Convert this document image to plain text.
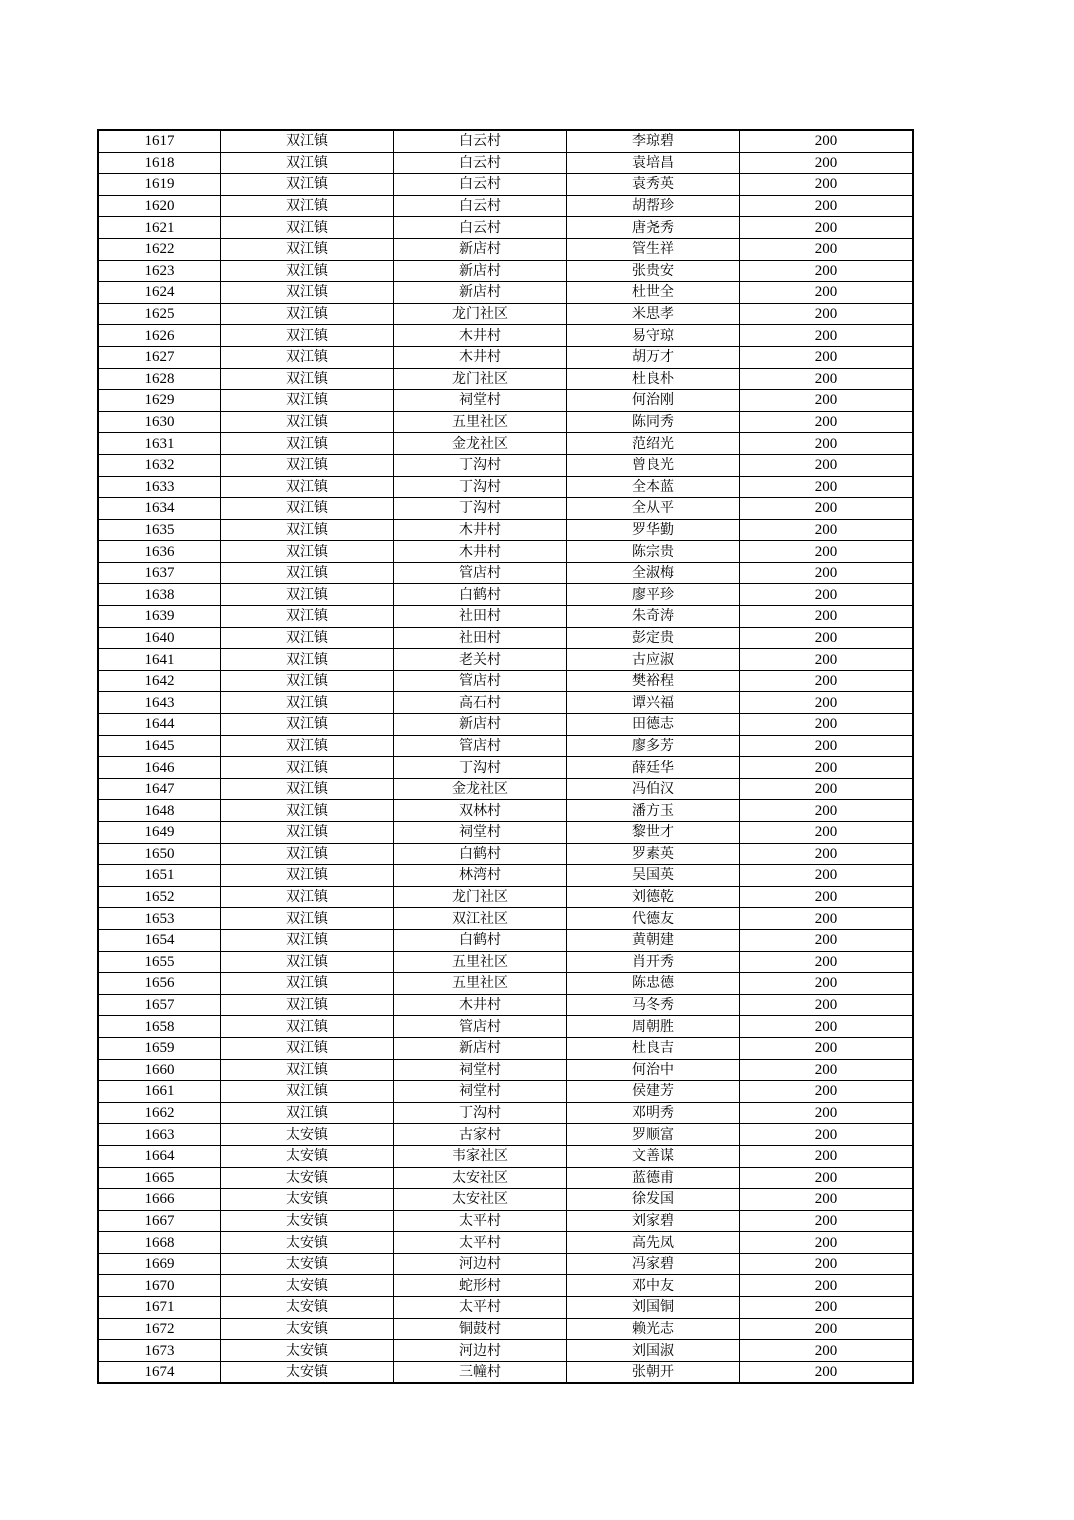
1617	双江镇	白云村	李琼碧	200
1618	双江镇	白云村	袁培昌	200
1619	双江镇	白云村	袁秀英	200
1620	双江镇	白云村	胡帮珍	200
1621	双江镇	白云村	唐尧秀	200
1622	双江镇	新店村	管生祥	200
1623	双江镇	新店村	张贵安	200
1624	双江镇	新店村	杜世全	200
1625	双江镇	龙门社区	米思孝	200
1626	双江镇	木井村	易守琼	200
1627	双江镇	木井村	胡万才	200
1628	双江镇	龙门社区	杜良朴	200
1629	双江镇	祠堂村	何治刚	200
1630	双江镇	五里社区	陈同秀	200
1631	双江镇	金龙社区	范绍光	200
1632	双江镇	丁沟村	曾良光	200
1633	双江镇	丁沟村	全本蓝	200
1634	双江镇	丁沟村	全从平	200
1635	双江镇	木井村	罗华勤	200
1636	双江镇	木井村	陈宗贵	200
1637	双江镇	管店村	全淑梅	200
1638	双江镇	白鹤村	廖平珍	200
1639	双江镇	社田村	朱奇涛	200
1640	双江镇	社田村	彭定贵	200
1641	双江镇	老关村	古应淑	200
1642	双江镇	管店村	樊裕程	200
1643	双江镇	高石村	谭兴福	200
1644	双江镇	新店村	田德志	200
1645	双江镇	管店村	廖多芳	200
1646	双江镇	丁沟村	薛廷华	200
1647	双江镇	金龙社区	冯伯汉	200
1648	双江镇	双林村	潘方玉	200
1649	双江镇	祠堂村	黎世才	200
1650	双江镇	白鹤村	罗素英	200
1651	双江镇	林湾村	吴国英	200
1652	双江镇	龙门社区	刘德乾	200
1653	双江镇	双江社区	代德友	200
1654	双江镇	白鹤村	黄朝建	200
1655	双江镇	五里社区	肖开秀	200
1656	双江镇	五里社区	陈忠德	200
1657	双江镇	木井村	马冬秀	200
1658	双江镇	管店村	周朝胜	200
1659	双江镇	新店村	杜良吉	200
1660	双江镇	祠堂村	何治中	200
1661	双江镇	祠堂村	侯建芳	200
1662	双江镇	丁沟村	邓明秀	200
1663	太安镇	古家村	罗顺富	200
1664	太安镇	韦家社区	文善谋	200
1665	太安镇	太安社区	蓝德甫	200
1666	太安镇	太安社区	徐发国	200
1667	太安镇	太平村	刘家碧	200
1668	太安镇	太平村	高先凤	200
1669	太安镇	河边村	冯家碧	200
1670	太安镇	蛇形村	邓中友	200
1671	太安镇	太平村	刘国铜	200
1672	太安镇	铜鼓村	赖光志	200
1673	太安镇	河边村	刘国淑	200
1674	太安镇	三幢村	张朝开	200
